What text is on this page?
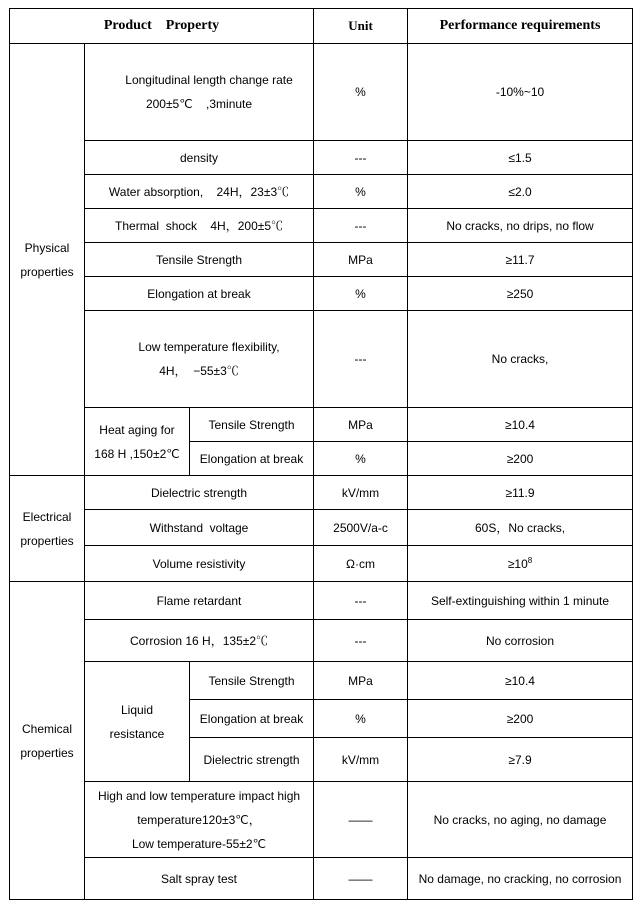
Product    Property			Unit	Performance requirements
Physical
properties	Longitudinal length change rate
200±5℃    ,3minute		%	-10%~10
	density		---	≤1.5
	Water absorption,    24H，23±3℃		%	≤2.0
	Thermal  shock    4H，200±5℃		---	No cracks, no drips, no flow
	Tensile Strength		MPa	≥11.7
	Elongation at break		%	≥250

Low temperature flexibility,
4H，  −55±3℃		---	No cracks,
	Heat aging for
168 H ,150±2℃	Tensile Strength	MPa	≥10.4
		Elongation at break	%	≥200
Electrical
properties	Dielectric strength		kV/mm	≥11.9
	Withstand  voltage		2500V/a-c	60S，No cracks,
	Volume resistivity		Ω·cm	$\ge 10^8$
Chemical
properties	Flame retardant		---	Self-extinguishing within 1 minute
	Corrosion 16 H，135±2℃		---	No corrosion
	Liquid
resistance	Tensile Strength	MPa	≥10.4
		Elongation at break	%	≥200
		Dielectric strength	kV/mm	≥7.9
	High and low temperature impact high
temperature120±3℃，
Low temperature-55±2℃		——	No cracks, no aging, no damage
	Salt spray test		——	No damage, no cracking, no corrosion
